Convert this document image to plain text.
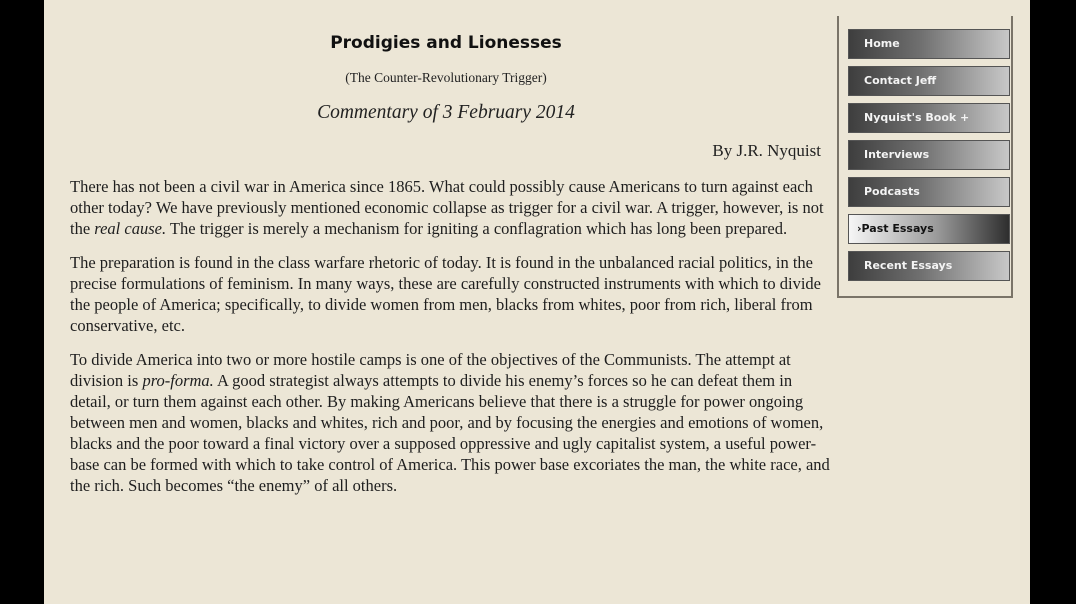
Prodigies and Lionesses
(The Counter-Revolutionary Trigger)
Commentary of 3 February 2014
By J.R. Nyquist

There has not been a civil war in America since 1865. What could possibly cause Americans to turn against each other today? We have previously mentioned economic collapse as trigger for a civil war. A trigger, however, is not the real cause. The trigger is merely a mechanism for igniting a conflagration which has long been prepared.

The preparation is found in the class warfare rhetoric of today. It is found in the unbalanced racial politics, in the precise formulations of feminism. In many ways, these are carefully constructed instruments with which to divide the people of America; specifically, to divide women from men, blacks from whites, poor from rich, liberal from conservative, etc.

To divide America into two or more hostile camps is one of the objectives of the Communists. The attempt at division is pro-forma. A good strategist always attempts to divide his enemy’s forces so he can defeat them in detail, or turn them against each other. By making Americans believe that there is a struggle for power ongoing between men and women, blacks and whites, rich and poor, and by focusing the energies and emotions of women, blacks and the poor toward a final victory over a supposed oppressive and ugly capitalist system, a useful power-base can be formed with which to take control of America. This power base excoriates the man, the white race, and the rich. Such becomes “the enemy” of all others.

Home
Contact Jeff
Nyquist's Book +
Interviews
Podcasts
›Past Essays
Recent Essays
